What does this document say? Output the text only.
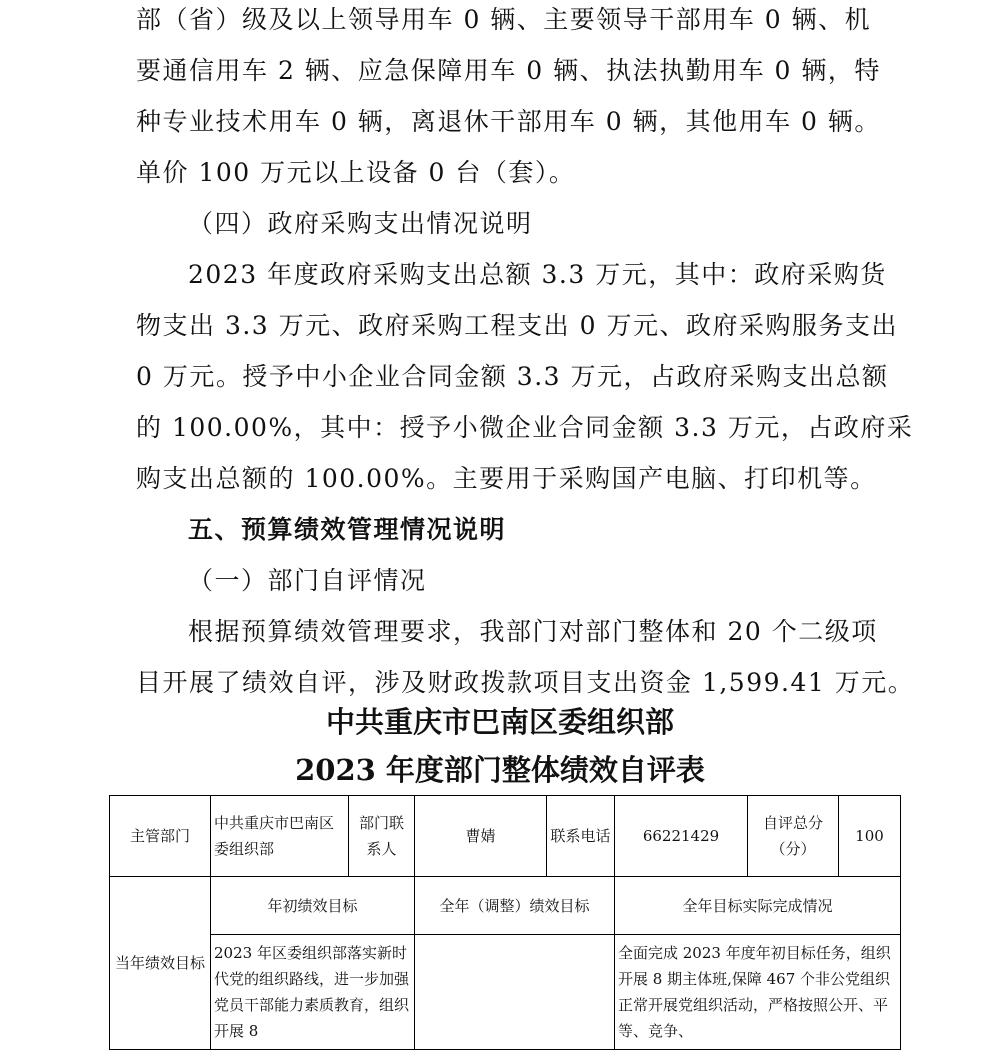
部（省）级及以上领导用车 0 辆、主要领导干部用车 0 辆、机
要通信用车 2 辆、应急保障用车 0 辆、执法执勤用车 0 辆，特
种专业技术用车 0 辆，离退休干部用车 0 辆，其他用车 0 辆。
单价 100 万元以上设备 0 台（套）。
（四）政府采购支出情况说明
2023 年度政府采购支出总额 3.3 万元，其中：政府采购货
物支出 3.3 万元、政府采购工程支出 0 万元、政府采购服务支出
0 万元。授予中小企业合同金额 3.3 万元，占政府采购支出总额
的 100.00%，其中：授予小微企业合同金额 3.3 万元，占政府采
购支出总额的 100.00%。主要用于采购国产电脑、打印机等。
五、预算绩效管理情况说明
（一）部门自评情况
根据预算绩效管理要求，我部门对部门整体和 20 个二级项
目开展了绩效自评，涉及财政拨款项目支出资金 1,599.41 万元。
中共重庆市巴南区委组织部
2023 年度部门整体绩效自评表
主管部门	中共重庆市巴南区委组织部	部门联系人	曹婧	联系电话	66221429	自评总分（分）	100

当年绩效目标	年初绩效目标		全年（调整）绩效目标		全年目标实际完成情况		

	2023 年区委组织部落实新时代党的组织路线，进一步加强党员干部能力素质教育，组织开展 8				全面完成 2023 年度年初目标任务，组织开展 8 期主体班,保障 467 个非公党组织正常开展党组织活动，严格按照公开、平等、竞争、		
